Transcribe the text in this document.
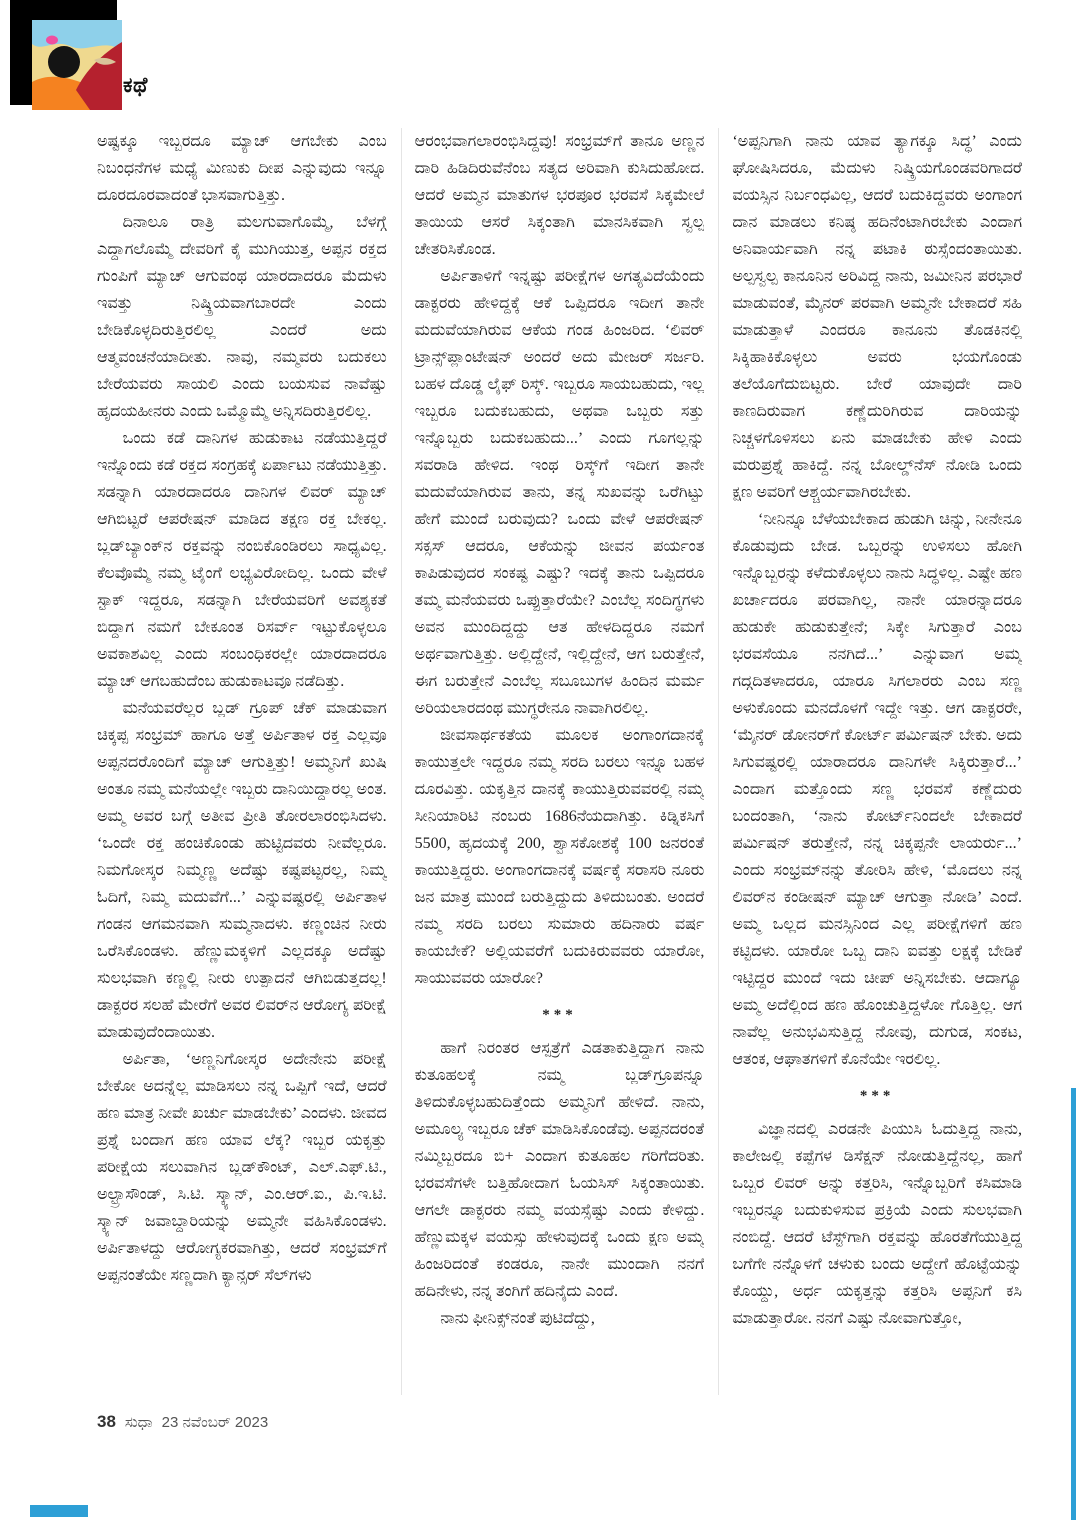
ಕಥೆ

ಅಷ್ಟಕ್ಕೂ ಇಬ್ಬರದೂ ಮ್ಯಾಚ್ ಆಗಬೇಕು ಎಂಬ ನಿಬಂಧನೆಗಳ ಮಧ್ಯೆ ಮಿಣುಕು ದೀಪ ಎನ್ನುವುದು ಇನ್ನೂ ದೂರದೂರವಾದಂತೆ ಭಾಸವಾಗುತ್ತಿತ್ತು.

ದಿನಾಲೂ ರಾತ್ರಿ ಮಲಗುವಾಗೊಮ್ಮೆ, ಬೆಳಗ್ಗೆ ಎದ್ದಾಗಲೊಮ್ಮೆ ದೇವರಿಗೆ ಕೈ ಮುಗಿಯುತ್ತ, ಅಪ್ಪನ ರಕ್ತದ ಗುಂಪಿಗೆ ಮ್ಯಾಚ್ ಆಗುವಂಥ ಯಾರದಾದರೂ ಮೆದುಳು ಇವತ್ತು ನಿಷ್ಕ್ರಿಯವಾಗಬಾರದೇ ಎಂದು ಬೇಡಿಕೊಳ್ಳದಿರುತ್ತಿರಲಿಲ್ಲ ಎಂದರೆ ಅದು ಆತ್ಮವಂಚನೆಯಾದೀತು. ನಾವು, ನಮ್ಮವರು ಬದುಕಲು ಬೇರೆಯವರು ಸಾಯಲಿ ಎಂದು ಬಯಸುವ ನಾವೆಷ್ಟು ಹೃದಯಹೀನರು ಎಂದು ಒಮ್ಮೊಮ್ಮೆ ಅನ್ನಿಸದಿರುತ್ತಿರಲಿಲ್ಲ.

ಒಂದು ಕಡೆ ದಾನಿಗಳ ಹುಡುಕಾಟ ನಡೆಯುತ್ತಿದ್ದರೆ ಇನ್ನೊಂದು ಕಡೆ ರಕ್ತದ ಸಂಗ್ರಹಕ್ಕೆ ಏರ್ಪಾಟು ನಡೆಯುತ್ತಿತ್ತು. ಸಡನ್ನಾಗಿ ಯಾರದಾದರೂ ದಾನಿಗಳ ಲಿವರ್ ಮ್ಯಾಚ್ ಆಗಿಬಿಟ್ಟರೆ ಆಪರೇಷನ್ ಮಾಡಿದ ತಕ್ಷಣ ರಕ್ತ ಬೇಕಲ್ಲ. ಬ್ಲಡ್‌ಬ್ಯಾಂಕ್‌ನ ರಕ್ತವನ್ನು ನಂಬಿಕೊಂಡಿರಲು ಸಾಧ್ಯವಿಲ್ಲ. ಕೆಲವೊಮ್ಮೆ ನಮ್ಮ ಟೈಂಗೆ ಲಭ್ಯವಿರೋದಿಲ್ಲ. ಒಂದು ವೇಳೆ ಸ್ಟಾಕ್ ಇದ್ದರೂ, ಸಡನ್ನಾಗಿ ಬೇರೆಯವರಿಗೆ ಅವಶ್ಯಕತೆ ಬಿದ್ದಾಗ ನಮಗೆ ಬೇಕೂಂತ ರಿಸರ್ವ್ ಇಟ್ಟುಕೊಳ್ಳಲೂ ಅವಕಾಶವಿಲ್ಲ ಎಂದು ಸಂಬಂಧಿಕರಲ್ಲೇ ಯಾರದಾದರೂ ಮ್ಯಾಚ್ ಆಗಬಹುದೆಂಬ ಹುಡುಕಾಟವೂ ನಡೆದಿತ್ತು.

ಮನೆಯವರೆಲ್ಲರ ಬ್ಲಡ್ ಗ್ರೂಪ್ ಚೆಕ್ ಮಾಡುವಾಗ ಚಿಕ್ಕಪ್ಪ ಸಂಭ್ರಮ್ ಹಾಗೂ ಅತ್ತೆ ಅರ್ಪಿತಾಳ ರಕ್ತ ಎಲ್ಲವೂ ಅಪ್ಪನದರೊಂದಿಗೆ ಮ್ಯಾಚ್ ಆಗುತ್ತಿತ್ತು! ಅಮ್ಮನಿಗೆ ಖುಷಿ ಅಂತೂ ನಮ್ಮ ಮನೆಯಲ್ಲೇ ಇಬ್ಬರು ದಾನಿಯಿದ್ದಾರಲ್ಲ ಅಂತ. ಅಮ್ಮ ಅವರ ಬಗ್ಗೆ ಅತೀವ ಪ್ರೀತಿ ತೋರಲಾರಂಭಿಸಿದಳು. ‘ಒಂದೇ ರಕ್ತ ಹಂಚಿಕೊಂಡು ಹುಟ್ಟಿದವರು ನೀವೆಲ್ಲರೂ. ನಿಮಗೋಸ್ಕರ ನಿಮ್ಮಣ್ಣ ಅದೆಷ್ಟು ಕಷ್ಟಪಟ್ಟರಲ್ಲ, ನಿಮ್ಮ ಓದಿಗೆ, ನಿಮ್ಮ ಮದುವೆಗೆ...’ ಎನ್ನುವಷ್ಟರಲ್ಲಿ ಅರ್ಪಿತಾಳ ಗಂಡನ ಆಗಮನವಾಗಿ ಸುಮ್ಮನಾದಳು. ಕಣ್ಣಂಚಿನ ನೀರು ಒರೆಸಿಕೊಂಡಳು. ಹೆಣ್ಣುಮಕ್ಕಳಿಗೆ ಎಲ್ಲದಕ್ಕೂ ಅದೆಷ್ಟು ಸುಲಭವಾಗಿ ಕಣ್ಣಲ್ಲಿ ನೀರು ಉತ್ಪಾದನೆ ಆಗಿಬಿಡುತ್ತದಲ್ಲ! ಡಾಕ್ಟರರ ಸಲಹೆ ಮೇರೆಗೆ ಅವರ ಲಿವರ್‌ನ ಆರೋಗ್ಯ ಪರೀಕ್ಷೆ ಮಾಡುವುದೆಂದಾಯಿತು.

ಅರ್ಪಿತಾ, ‘ಅಣ್ಣನಿಗೋಸ್ಕರ ಅದೇನೇನು ಪರೀಕ್ಷೆ ಬೇಕೋ ಅದನ್ನೆಲ್ಲ ಮಾಡಿಸಲು ನನ್ನ ಒಪ್ಪಿಗೆ ಇದೆ, ಆದರೆ ಹಣ ಮಾತ್ರ ನೀವೇ ಖರ್ಚು ಮಾಡಬೇಕು’ ಎಂದಳು. ಜೀವದ ಪ್ರಶ್ನೆ ಬಂದಾಗ ಹಣ ಯಾವ ಲೆಕ್ಕ? ಇಬ್ಬರ ಯಕೃತ್ತು ಪರೀಕ್ಷೆಯ ಸಲುವಾಗಿನ ಬ್ಲಡ್‌ಕೌಂಟ್, ಎಲ್.ಎಫ್.ಟಿ., ಅಲ್ಟ್ರಾಸೌಂಡ್, ಸಿ.ಟಿ. ಸ್ಕ್ಯಾನ್, ಎಂ.ಆರ್.ಐ., ಪಿ.ಇ.ಟಿ. ಸ್ಕ್ಯಾನ್ ಜವಾಬ್ದಾರಿಯನ್ನು ಅಮ್ಮನೇ ವಹಿಸಿಕೊಂಡಳು. ಅರ್ಪಿತಾಳದ್ದು ಆರೋಗ್ಯಕರವಾಗಿತ್ತು, ಆದರೆ ಸಂಭ್ರಮ್‌ಗೆ ಅಪ್ಪನಂತೆಯೇ ಸಣ್ಣದಾಗಿ ಕ್ಯಾನ್ಸರ್ ಸೆಲ್‌ಗಳು

ಆರಂಭವಾಗಲಾರಂಭಿಸಿದ್ದವು! ಸಂಭ್ರಮ್‌ಗೆ ತಾನೂ ಅಣ್ಣನ ದಾರಿ ಹಿಡಿದಿರುವೆನೆಂಬ ಸತ್ಯದ ಅರಿವಾಗಿ ಕುಸಿದುಹೋದ. ಆದರೆ ಅಮ್ಮನ ಮಾತುಗಳ ಭರಪೂರ ಭರವಸೆ ಸಿಕ್ಕಮೇಲೆ ತಾಯಿಯ ಆಸರೆ ಸಿಕ್ಕಂತಾಗಿ ಮಾನಸಿಕವಾಗಿ ಸ್ವಲ್ಪ ಚೇತರಿಸಿಕೊಂಡ.

ಅರ್ಪಿತಾಳಿಗೆ ಇನ್ನಷ್ಟು ಪರೀಕ್ಷೆಗಳ ಅಗತ್ಯವಿದೆಯೆಂದು ಡಾಕ್ಟರರು ಹೇಳಿದ್ದಕ್ಕೆ ಆಕೆ ಒಪ್ಪಿದರೂ ಇದೀಗ ತಾನೇ ಮದುವೆಯಾಗಿರುವ ಆಕೆಯ ಗಂಡ ಹಿಂಜರಿದ. ‘ಲಿವರ್ ಟ್ರಾನ್ಸ್‌ಪ್ಲಾಂಟೇಷನ್ ಅಂದರೆ ಅದು ಮೇಜರ್ ಸರ್ಜರಿ. ಬಹಳ ದೊಡ್ಡ ಲೈಫ್ ರಿಸ್ಕ್. ಇಬ್ಬರೂ ಸಾಯಬಹುದು, ಇಲ್ಲ ಇಬ್ಬರೂ ಬದುಕಬಹುದು, ಅಥವಾ ಒಬ್ಬರು ಸತ್ತು ಇನ್ನೊಬ್ಬರು ಬದುಕಬಹುದು...’ ಎಂದು ಗೂಗಲ್ಲನ್ನು ಸವರಾಡಿ ಹೇಳಿದ. ಇಂಥ ರಿಸ್ಕ್‌ಗೆ ಇದೀಗ ತಾನೇ ಮದುವೆಯಾಗಿರುವ ತಾನು, ತನ್ನ ಸುಖವನ್ನು ಒರೆಗಿಟ್ಟು ಹೇಗೆ ಮುಂದೆ ಬರುವುದು? ಒಂದು ವೇಳೆ ಆಪರೇಷನ್ ಸಕ್ಸಸ್ ಆದರೂ, ಆಕೆಯನ್ನು ಜೀವನ ಪರ್ಯಂತ ಕಾಪಿಡುವುದರ ಸಂಕಷ್ಟ ಎಷ್ಟು? ಇದಕ್ಕೆ ತಾನು ಒಪ್ಪಿದರೂ ತಮ್ಮ ಮನೆಯವರು ಒಪ್ಪುತ್ತಾರೆಯೇ? ಎಂಬೆಲ್ಲ ಸಂದಿಗ್ಧಗಳು ಅವನ ಮುಂದಿದ್ದದ್ದು ಆತ ಹೇಳದಿದ್ದರೂ ನಮಗೆ ಅರ್ಥವಾಗುತ್ತಿತ್ತು. ಅಲ್ಲಿದ್ದೇನೆ, ಇಲ್ಲಿದ್ದೇನೆ, ಆಗ ಬರುತ್ತೇನೆ, ಈಗ ಬರುತ್ತೇನೆ ಎಂಬೆಲ್ಲ ಸಬೂಬುಗಳ ಹಿಂದಿನ ಮರ್ಮ ಅರಿಯಲಾರದಂಥ ಮುಗ್ಧರೇನೂ ನಾವಾಗಿರಲಿಲ್ಲ.

ಜೀವಸಾರ್ಥಕತೆಯ ಮೂಲಕ ಅಂಗಾಂಗದಾನಕ್ಕೆ ಕಾಯುತ್ತಲೇ ಇದ್ದರೂ ನಮ್ಮ ಸರದಿ ಬರಲು ಇನ್ನೂ ಬಹಳ ದೂರವಿತ್ತು. ಯಕೃತ್ತಿನ ದಾನಕ್ಕೆ ಕಾಯುತ್ತಿರುವವರಲ್ಲಿ ನಮ್ಮ ಸೀನಿಯಾರಿಟಿ ನಂಬರು 1686ನೆಯದಾಗಿತ್ತು. ಕಿಡ್ನಿಕಸಿಗೆ 5500, ಹೃದಯಕ್ಕೆ 200, ಶ್ವಾಸಕೋಶಕ್ಕೆ 100 ಜನರಂತೆ ಕಾಯುತ್ತಿದ್ದರು. ಅಂಗಾಂಗದಾನಕ್ಕೆ ವರ್ಷಕ್ಕೆ ಸರಾಸರಿ ನೂರು ಜನ ಮಾತ್ರ ಮುಂದೆ ಬರುತ್ತಿದ್ದುದು ತಿಳಿದುಬಂತು. ಅಂದರೆ ನಮ್ಮ ಸರದಿ ಬರಲು ಸುಮಾರು ಹದಿನಾರು ವರ್ಷ ಕಾಯಬೇಕೆ? ಅಲ್ಲಿಯವರೆಗೆ ಬದುಕಿರುವವರು ಯಾರೋ, ಸಾಯುವವರು ಯಾರೋ?

***

ಹಾಗೆ ನಿರಂತರ ಆಸ್ಪತ್ರೆಗೆ ಎಡತಾಕುತ್ತಿದ್ದಾಗ ನಾನು ಕುತೂಹಲಕ್ಕೆ ನಮ್ಮ ಬ್ಲಡ್‌ಗ್ರೂಪನ್ನೂ ತಿಳಿದುಕೊಳ್ಳಬಹುದಿತ್ತೆಂದು ಅಮ್ಮನಿಗೆ ಹೇಳಿದೆ. ನಾನು, ಅಮೂಲ್ಯ ಇಬ್ಬರೂ ಚೆಕ್ ಮಾಡಿಸಿಕೊಂಡೆವು. ಅಪ್ಪನದರಂತೆ ನಮ್ಮಿಬ್ಬರದೂ ಬಿ+ ಎಂದಾಗ ಕುತೂಹಲ ಗರಿಗೆದರಿತು. ಭರವಸೆಗಳೇ ಬತ್ತಿಹೋದಾಗ ಓಯಸಿಸ್ ಸಿಕ್ಕಂತಾಯಿತು. ಆಗಲೇ ಡಾಕ್ಟರರು ನಮ್ಮ ವಯಸ್ಸೆಷ್ಟು ಎಂದು ಕೇಳಿದ್ದು. ಹೆಣ್ಣುಮಕ್ಕಳ ವಯಸ್ಸು ಹೇಳುವುದಕ್ಕೆ ಒಂದು ಕ್ಷಣ ಅಮ್ಮ ಹಿಂಜರಿದಂತೆ ಕಂಡರೂ, ನಾನೇ ಮುಂದಾಗಿ ನನಗೆ ಹದಿನೇಳು, ನನ್ನ ತಂಗಿಗೆ ಹದಿನೈದು ಎಂದೆ.

ನಾನು ಫೀನಿಕ್ಸ್‌ನಂತೆ ಪುಟಿದೆದ್ದು,

‘ಅಪ್ಪನಿಗಾಗಿ ನಾನು ಯಾವ ತ್ಯಾಗಕ್ಕೂ ಸಿದ್ಧ’ ಎಂದು ಘೋಷಿಸಿದರೂ, ಮೆದುಳು ನಿಷ್ಕ್ರಿಯಗೊಂಡವರಿಗಾದರೆ ವಯಸ್ಸಿನ ನಿರ್ಬಂಧವಿಲ್ಲ, ಆದರೆ ಬದುಕಿದ್ದವರು ಅಂಗಾಂಗ ದಾನ ಮಾಡಲು ಕನಿಷ್ಠ ಹದಿನೆಂಟಾಗಿರಬೇಕು ಎಂದಾಗ ಅನಿವಾರ್ಯವಾಗಿ ನನ್ನ ಪಟಾಕಿ ಠುಸ್ಸೆಂದಂತಾಯಿತು. ಅಲ್ಪಸ್ವಲ್ಪ ಕಾನೂನಿನ ಅರಿವಿದ್ದ ನಾನು, ಜಮೀನಿನ ಪರಭಾರೆ ಮಾಡುವಂತೆ, ಮೈನರ್ ಪರವಾಗಿ ಅಮ್ಮನೇ ಬೇಕಾದರೆ ಸಹಿ ಮಾಡುತ್ತಾಳೆ ಎಂದರೂ ಕಾನೂನು ತೊಡಕಿನಲ್ಲಿ ಸಿಕ್ಕಿಹಾಕಿಕೊಳ್ಳಲು ಅವರು ಭಯಗೊಂಡು ತಲೆಯೊಗೆದುಬಿಟ್ಟರು. ಬೇರೆ ಯಾವುದೇ ದಾರಿ ಕಾಣದಿರುವಾಗ ಕಣ್ಣೆದುರಿಗಿರುವ ದಾರಿಯನ್ನು ನಿಚ್ಚಳಗೊಳಿಸಲು ಏನು ಮಾಡಬೇಕು ಹೇಳಿ ಎಂದು ಮರುಪ್ರಶ್ನೆ ಹಾಕಿದ್ದೆ. ನನ್ನ ಬೋಲ್ಡ್‌ನೆಸ್ ನೋಡಿ ಒಂದು ಕ್ಷಣ ಅವರಿಗೆ ಆಶ್ಚರ್ಯವಾಗಿರಬೇಕು.

‘ನೀನಿನ್ನೂ ಬೆಳೆಯಬೇಕಾದ ಹುಡುಗಿ ಚಿನ್ನು, ನೀನೇನೂ ಕೊಡುವುದು ಬೇಡ. ಒಬ್ಬರನ್ನು ಉಳಿಸಲು ಹೋಗಿ ಇನ್ನೊಬ್ಬರನ್ನು ಕಳೆದುಕೊಳ್ಳಲು ನಾನು ಸಿದ್ಧಳಿಲ್ಲ. ಎಷ್ಟೇ ಹಣ ಖರ್ಚಾದರೂ ಪರವಾಗಿಲ್ಲ, ನಾನೇ ಯಾರನ್ನಾದರೂ ಹುಡುಕೇ ಹುಡುಕುತ್ತೇನೆ; ಸಿಕ್ಕೇ ಸಿಗುತ್ತಾರೆ ಎಂಬ ಭರವಸೆಯೂ ನನಗಿದೆ...’ ಎನ್ನುವಾಗ ಅಮ್ಮ ಗದ್ಗದಿತಳಾದರೂ, ಯಾರೂ ಸಿಗಲಾರರು ಎಂಬ ಸಣ್ಣ ಅಳುಕೊಂದು ಮನದೊಳಗೆ ಇದ್ದೇ ಇತ್ತು. ಆಗ ಡಾಕ್ಟರರೇ, ‘ಮೈನರ್ ಡೋನರ್‌ಗೆ ಕೋರ್ಟ್ ಪರ್ಮಿಷನ್ ಬೇಕು. ಅದು ಸಿಗುವಷ್ಟರಲ್ಲಿ ಯಾರಾದರೂ ದಾನಿಗಳೇ ಸಿಕ್ಕಿರುತ್ತಾರೆ...’ ಎಂದಾಗ ಮತ್ತೊಂದು ಸಣ್ಣ ಭರವಸೆ ಕಣ್ಣೆದುರು ಬಂದಂತಾಗಿ, ‘ನಾನು ಕೋರ್ಟ್‌ನಿಂದಲೇ ಬೇಕಾದರೆ ಪರ್ಮಿಷನ್ ತರುತ್ತೇನೆ, ನನ್ನ ಚಿಕ್ಕಪ್ಪನೇ ಲಾಯರ್ರು...’ ಎಂದು ಸಂಭ್ರಮ್‌ನನ್ನು ತೋರಿಸಿ ಹೇಳಿ, ‘ಮೊದಲು ನನ್ನ ಲಿವರ್‌ನ ಕಂಡೀಷನ್ ಮ್ಯಾಚ್ ಆಗುತ್ತಾ ನೋಡಿ’ ಎಂದೆ. ಅಮ್ಮ ಒಲ್ಲದ ಮನಸ್ಸಿನಿಂದ ಎಲ್ಲ ಪರೀಕ್ಷೆಗಳಿಗೆ ಹಣ ಕಟ್ಟಿದಳು. ಯಾರೋ ಒಬ್ಬ ದಾನಿ ಐವತ್ತು ಲಕ್ಷಕ್ಕೆ ಬೇಡಿಕೆ ಇಟ್ಟಿದ್ದರ ಮುಂದೆ ಇದು ಚೀಪ್ ಅನ್ನಿಸಬೇಕು. ಆದಾಗ್ಯೂ ಅಮ್ಮ ಅದೆಲ್ಲಿಂದ ಹಣ ಹೊಂಚುತ್ತಿದ್ದಳೋ ಗೊತ್ತಿಲ್ಲ. ಆಗ ನಾವೆಲ್ಲ ಅನುಭವಿಸುತ್ತಿದ್ದ ನೋವು, ದುಗುಡ, ಸಂಕಟ, ಆತಂಕ, ಆಘಾತಗಳಿಗೆ ಕೊನೆಯೇ ಇರಲಿಲ್ಲ.

***

ವಿಜ್ಞಾನದಲ್ಲಿ ಎರಡನೇ ಪಿಯುಸಿ ಓದುತ್ತಿದ್ದ ನಾನು, ಕಾಲೇಜಲ್ಲಿ ಕಪ್ಪೆಗಳ ಡಿಸೆಕ್ಷನ್ ನೋಡುತ್ತಿದ್ದೆನಲ್ಲ, ಹಾಗೆ ಒಬ್ಬರ ಲಿವರ್ ಅನ್ನು ಕತ್ತರಿಸಿ, ಇನ್ನೊಬ್ಬರಿಗೆ ಕಸಿಮಾಡಿ ಇಬ್ಬರನ್ನೂ ಬದುಕುಳಿಸುವ ಪ್ರಕ್ರಿಯೆ ಎಂದು ಸುಲಭವಾಗಿ ನಂಬಿದ್ದೆ. ಆದರೆ ಟೆಸ್ಟ್‌ಗಾಗಿ ರಕ್ತವನ್ನು ಹೊರತೆಗೆಯುತ್ತಿದ್ದ ಬಗೆಗೇ ನನ್ನೊಳಗೆ ಚಳುಕು ಬಂದು ಅದ್ದೇಗೆ ಹೊಟ್ಟೆಯನ್ನು ಕೊಯ್ದು, ಅರ್ಧ ಯಕೃತ್ತನ್ನು ಕತ್ತರಿಸಿ ಅಪ್ಪನಿಗೆ ಕಸಿ ಮಾಡುತ್ತಾರೋ. ನನಗೆ ಎಷ್ಟು ನೋವಾಗುತ್ತೋ,

38 ಸುಧಾ 23 ನವೆಂಬರ್ 2023
